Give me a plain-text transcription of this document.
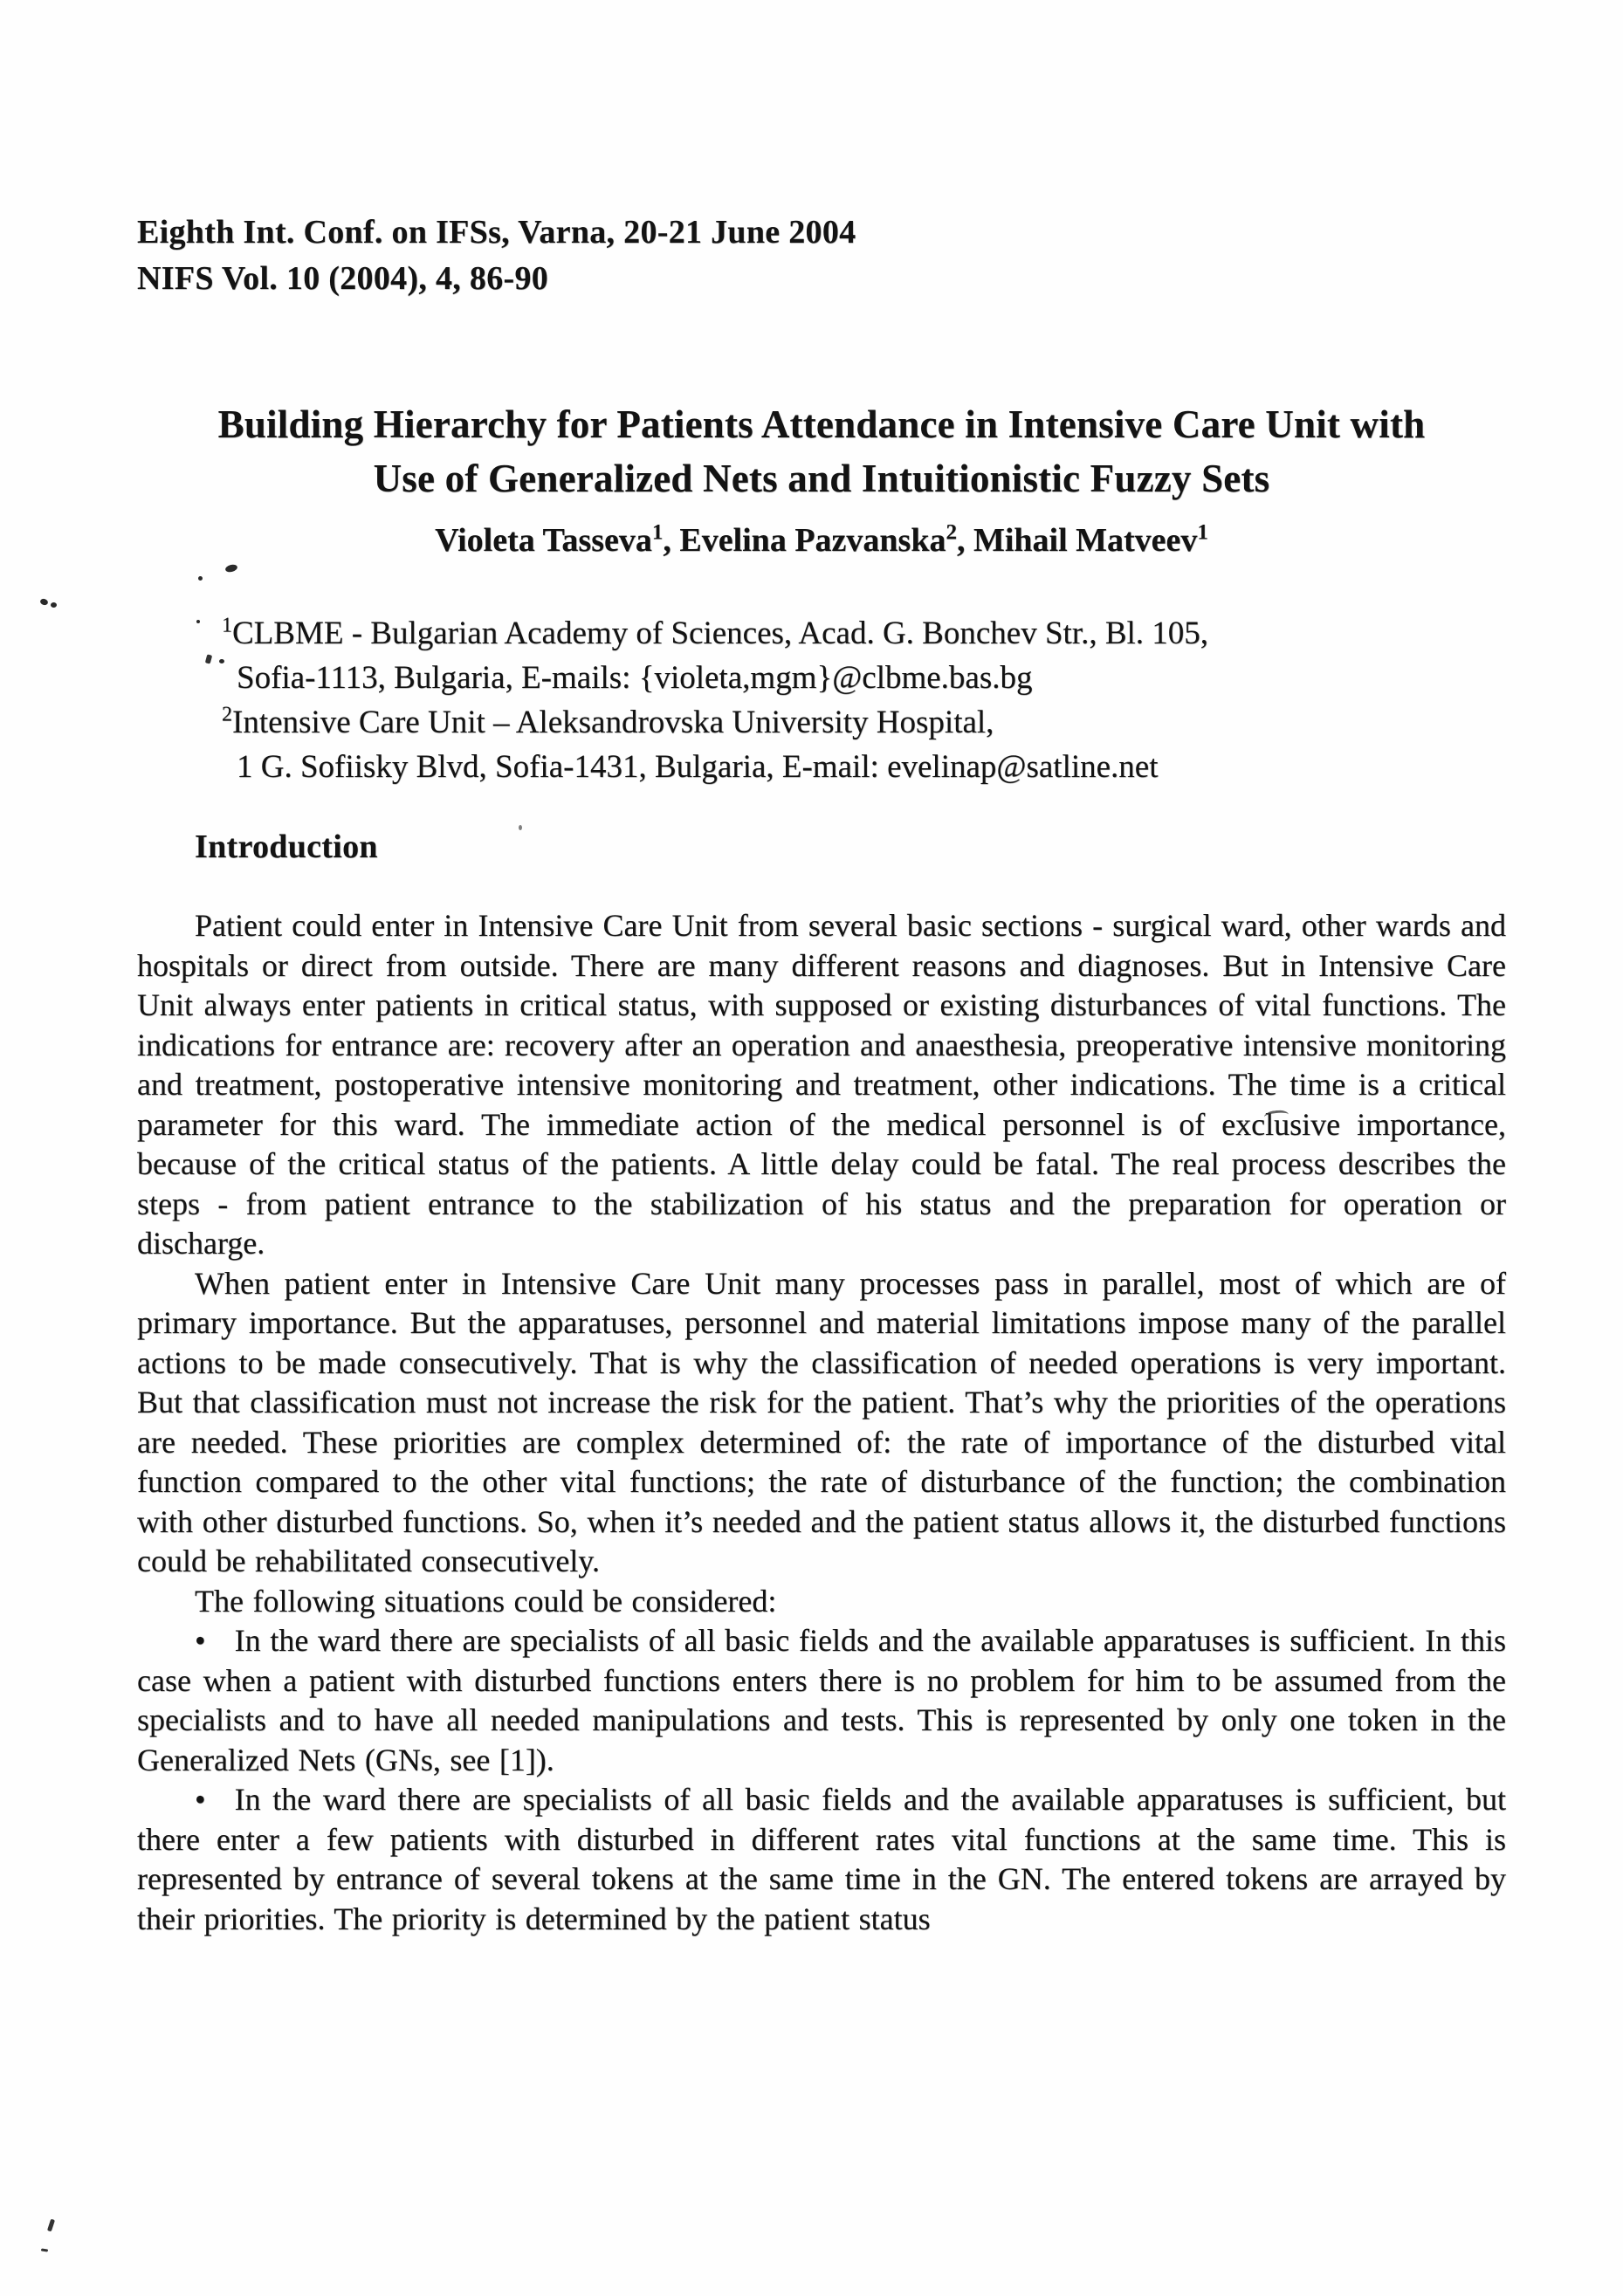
Eighth Int. Conf. on IFSs, Varna, 20-21 June 2004
NIFS Vol. 10 (2004), 4, 86-90
Building Hierarchy for Patients Attendance in Intensive Care Unit with
Use of Generalized Nets and Intuitionistic Fuzzy Sets
Violeta Tasseva$^1$, Evelina Pazvanska$^2$, Mihail Matveev$^1$
$^1$CLBME - Bulgarian Academy of Sciences, Acad. G. Bonchev Str., Bl. 105,
Sofia-1113, Bulgaria, E-mails: {violeta,mgm}@clbme.bas.bg
$^2$Intensive Care Unit – Aleksandrovska University Hospital,
1 G. Sofiisky Blvd, Sofia-1431, Bulgaria, E-mail: evelinap@satline.net
Introduction

Patient could enter in Intensive Care Unit from several basic sections - surgical ward, other wards and hospitals or direct from outside. There are many different reasons and diagnoses. But in Intensive Care Unit always enter patients in critical status, with supposed or existing disturbances of vital functions. The indications for entrance are: recovery after an operation and anaesthesia, preoperative intensive monitoring and treatment, postoperative intensive monitoring and treatment, other indications. The time is a critical parameter for this ward. The immediate action of the medical personnel is of exclusive importance, because of the critical status of the patients. A little delay could be fatal. The real process describes the steps - from patient entrance to the stabilization of his status and the preparation for operation or discharge.

When patient enter in Intensive Care Unit many processes pass in parallel, most of which are of primary importance. But the apparatuses, personnel and material limitations impose many of the parallel actions to be made consecutively. That is why the classification of needed operations is very important. But that classification must not increase the risk for the patient. That’s why the priorities of the operations are needed. These priorities are complex determined of: the rate of importance of the disturbed vital function compared to the other vital functions; the rate of disturbance of the function; the combination with other disturbed functions. So, when it’s needed and the patient status allows it, the disturbed functions could be rehabilitated consecutively.

The following situations could be considered:

• In the ward there are specialists of all basic fields and the available apparatuses is sufficient. In this case when a patient with disturbed functions enters there is no problem for him to be assumed from the specialists and to have all needed manipulations and tests. This is represented by only one token in the Generalized Nets (GNs, see [1]).

• In the ward there are specialists of all basic fields and the available apparatuses is sufficient, but there enter a few patients with disturbed in different rates vital functions at the same time. This is represented by entrance of several tokens at the same time in the GN. The entered tokens are arrayed by their priorities. The priority is determined by the patient status
